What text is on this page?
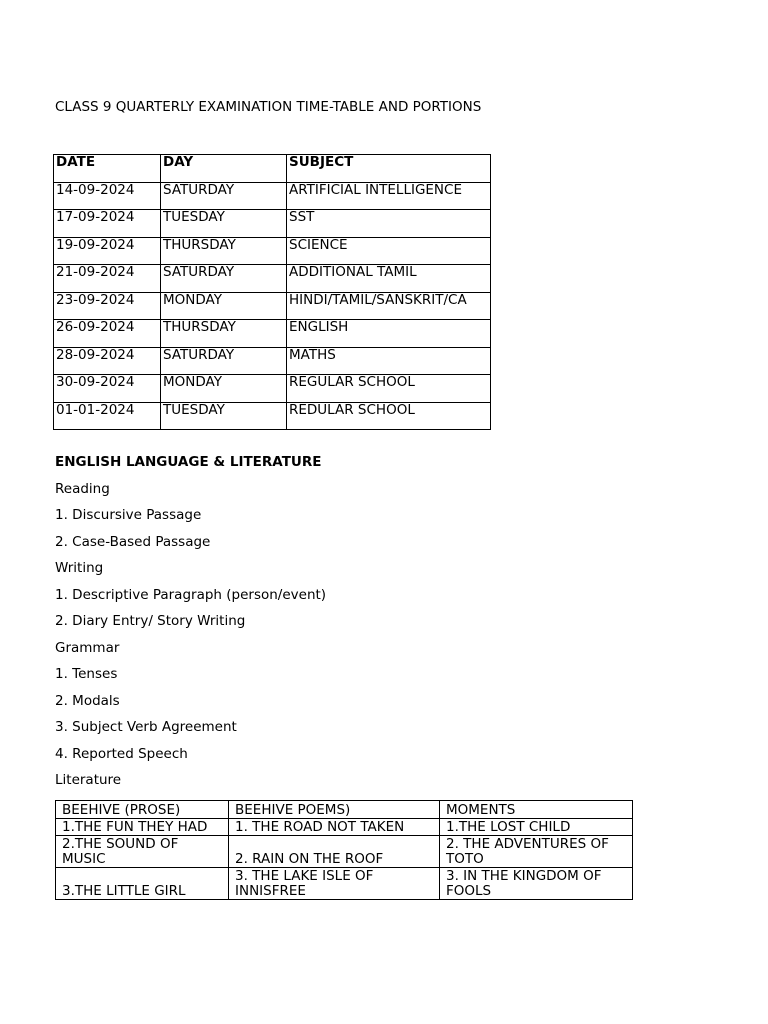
CLASS 9 QUARTERLY EXAMINATION TIME-TABLE AND PORTIONS
DATE	DAY	SUBJECT
14-09-2024	SATURDAY	ARTIFICIAL INTELLIGENCE
17-09-2024	TUESDAY	SST
19-09-2024	THURSDAY	SCIENCE
21-09-2024	SATURDAY	ADDITIONAL TAMIL
23-09-2024	MONDAY	HINDI/TAMIL/SANSKRIT/CA
26-09-2024	THURSDAY	ENGLISH
28-09-2024	SATURDAY	MATHS
30-09-2024	MONDAY	REGULAR SCHOOL
01-01-2024	TUESDAY	REDULAR SCHOOL
ENGLISH LANGUAGE & LITERATURE
Reading
1. Discursive Passage
2. Case-Based Passage
Writing
1. Descriptive Paragraph (person/event)
2. Diary Entry/ Story Writing
Grammar
1. Tenses
2. Modals
3. Subject Verb Agreement
4. Reported Speech
Literature
BEEHIVE (PROSE)	BEEHIVE POEMS)	MOMENTS
1.THE FUN THEY HAD	1. THE ROAD NOT TAKEN	1.THE LOST CHILD
2.THE SOUND OF MUSIC	2. RAIN ON THE ROOF	2. THE ADVENTURES OF TOTO
3.THE LITTLE GIRL	3. THE LAKE ISLE OF INNISFREE	3. IN THE KINGDOM OF FOOLS
